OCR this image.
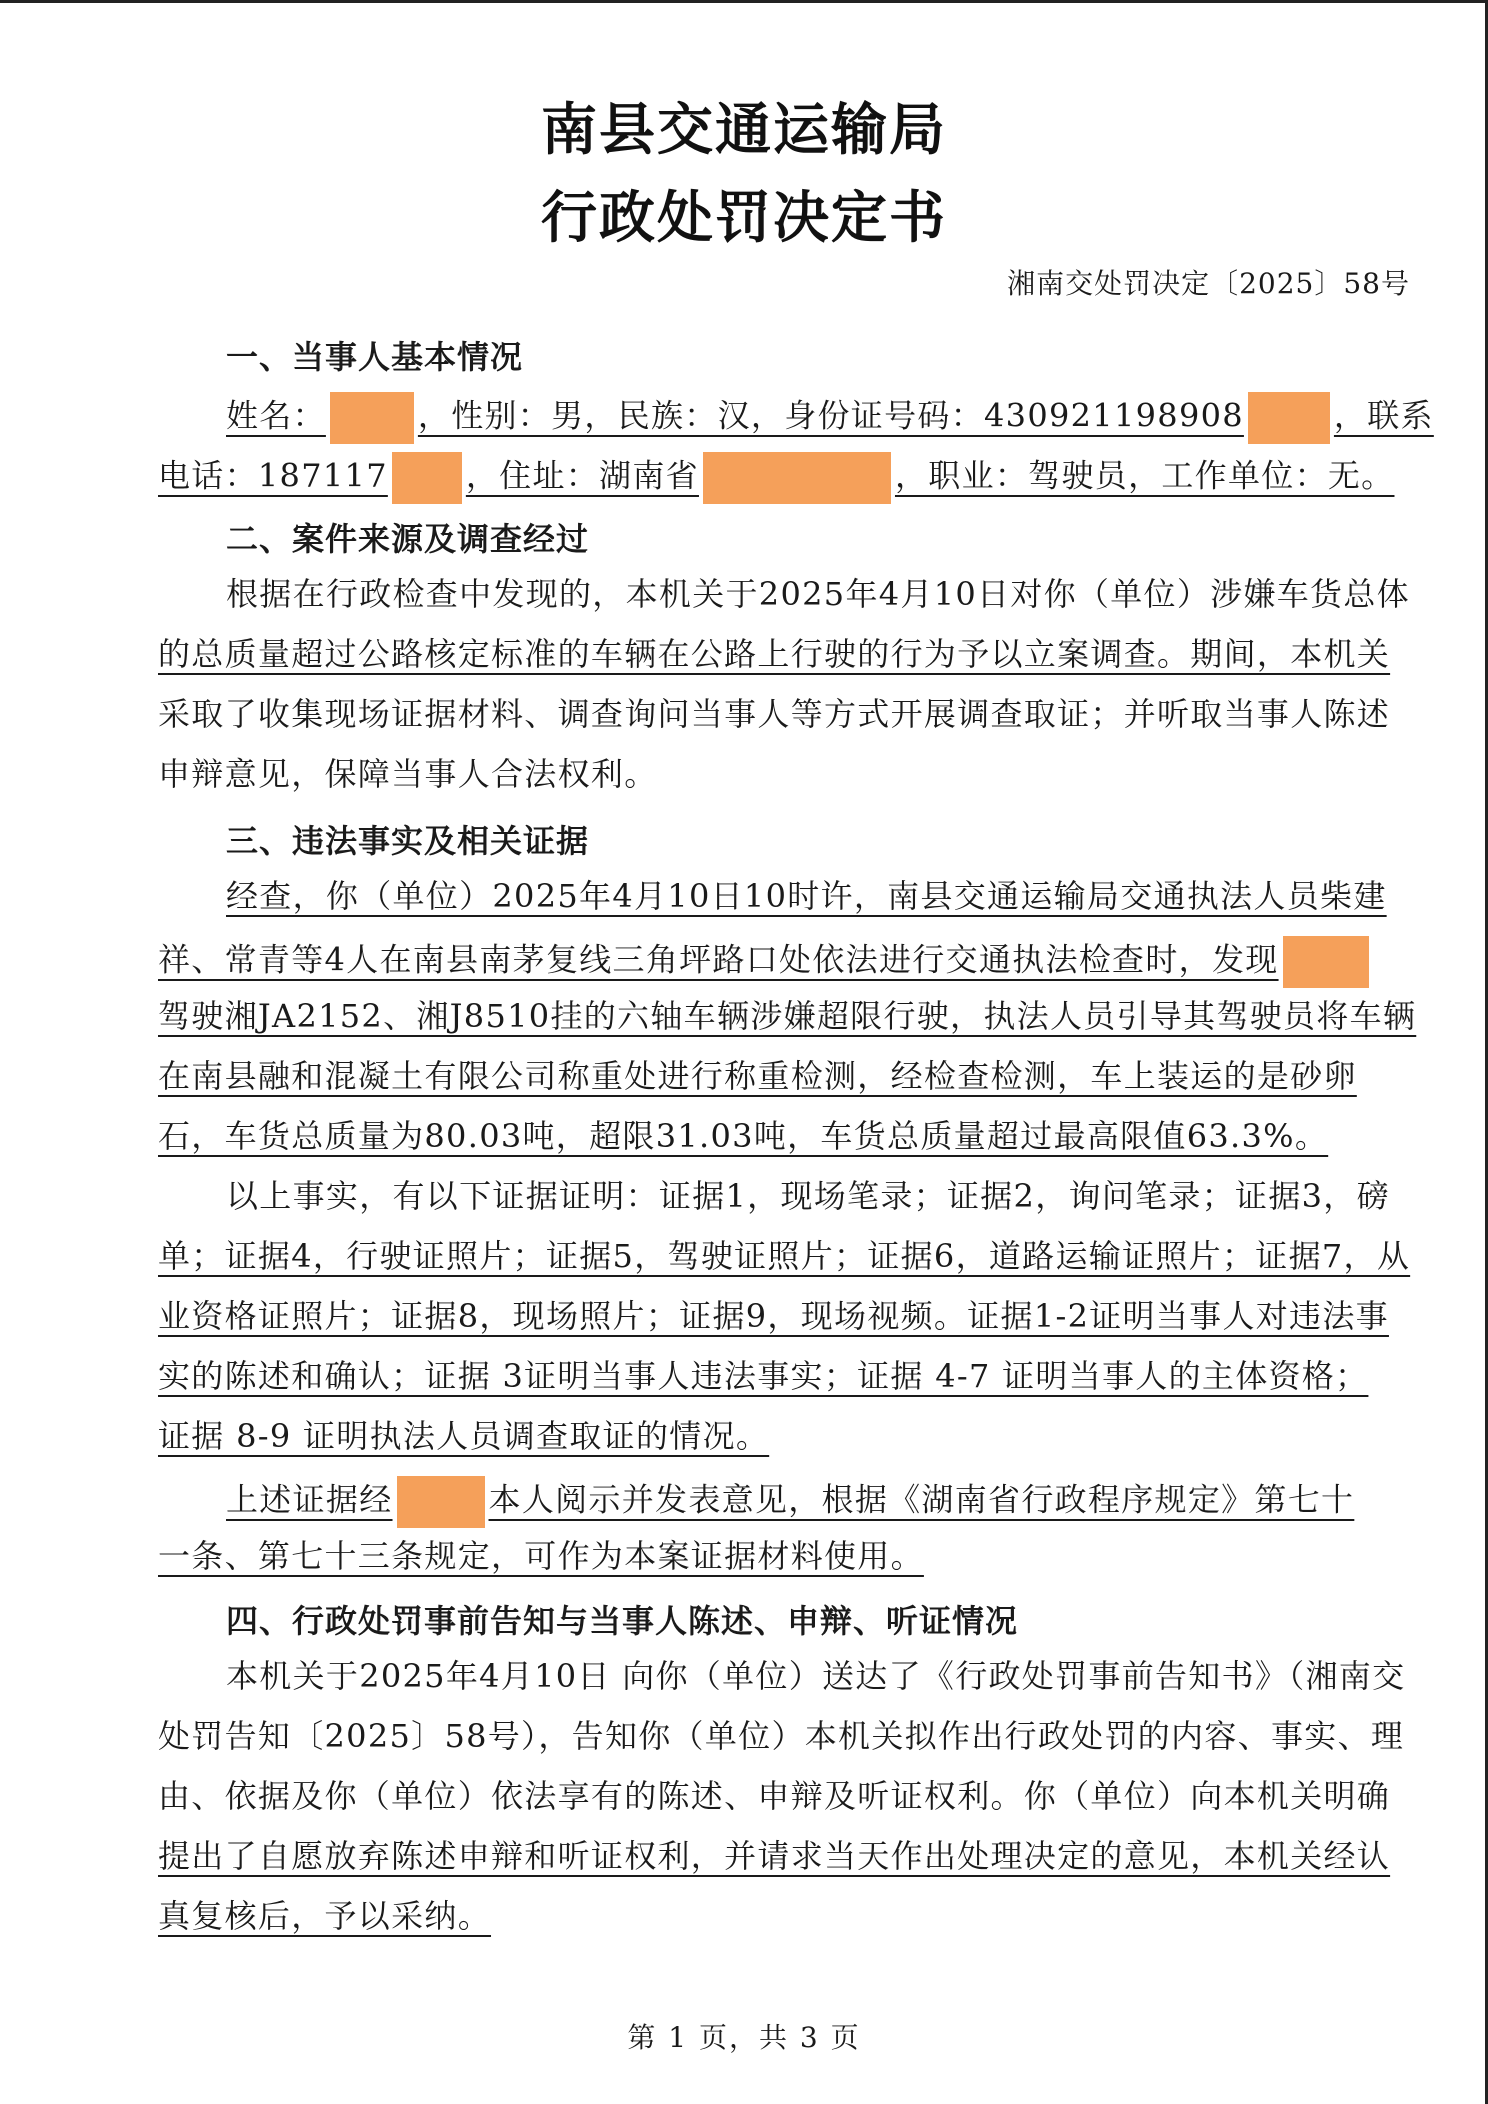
南县交通运输局
行政处罚决定书
湘南交处罚决定〔2025〕58号
一、当事人基本情况
姓名：	，性别：男，民族：汉，身份证号码：430921198908	，联系
电话：187117 ，住址：湖南省	，职业：驾驶员，工作单位：无。
二、案件来源及调查经过
根据在行政检查中发现的，本机关于2025年4月10日对你（单位）涉嫌车货总体
的总质量超过公路核定标准的车辆在公路上行驶的行为予以立案调查。期间，本机关
采取了收集现场证据材料、调查询问当事人等方式开展调查取证；并听取当事人陈述
申辩意见，保障当事人合法权利。
三、违法事实及相关证据
经查，你（单位）2025年4月10日10时许，南县交通运输局交通执法人员柴建
祥、常青等4人在南县南茅复线三角坪路口处依法进行交通执法检查时，发现
驾驶湘JA2152、湘J8510挂的六轴车辆涉嫌超限行驶，执法人员引导其驾驶员将车辆
在南县融和混凝土有限公司称重处进行称重检测，经检查检测，车上装运的是砂卵
石，车货总质量为80.03吨，超限31.03吨，车货总质量超过最高限值63.3%。
以上事实，有以下证据证明：证据1，现场笔录；证据2，询问笔录；证据3，磅
单；证据4，行驶证照片；证据5，驾驶证照片；证据6，道路运输证照片；证据7，从
业资格证照片；证据8，现场照片；证据9，现场视频。证据1-2证明当事人对违法事
实的陈述和确认；证据 3证明当事人违法事实；证据 4-7 证明当事人的主体资格；
证据 8-9 证明执法人员调查取证的情况。
上述证据经	本人阅示并发表意见，根据《湖南省行政程序规定》第七十
一条、第七十三条规定，可作为本案证据材料使用。
四、行政处罚事前告知与当事人陈述、申辩、听证情况
本机关于2025年4月10日 向你（单位）送达了《行政处罚事前告知书》（湘南交
处罚告知〔2025〕58号），告知你（单位）本机关拟作出行政处罚的内容、事实、理
由、依据及你（单位）依法享有的陈述、申辩及听证权利。你（单位）向本机关明确
提出了自愿放弃陈述申辩和听证权利，并请求当天作出处理决定的意见，本机关经认
真复核后，予以采纳。
第 1 页，共 3 页
